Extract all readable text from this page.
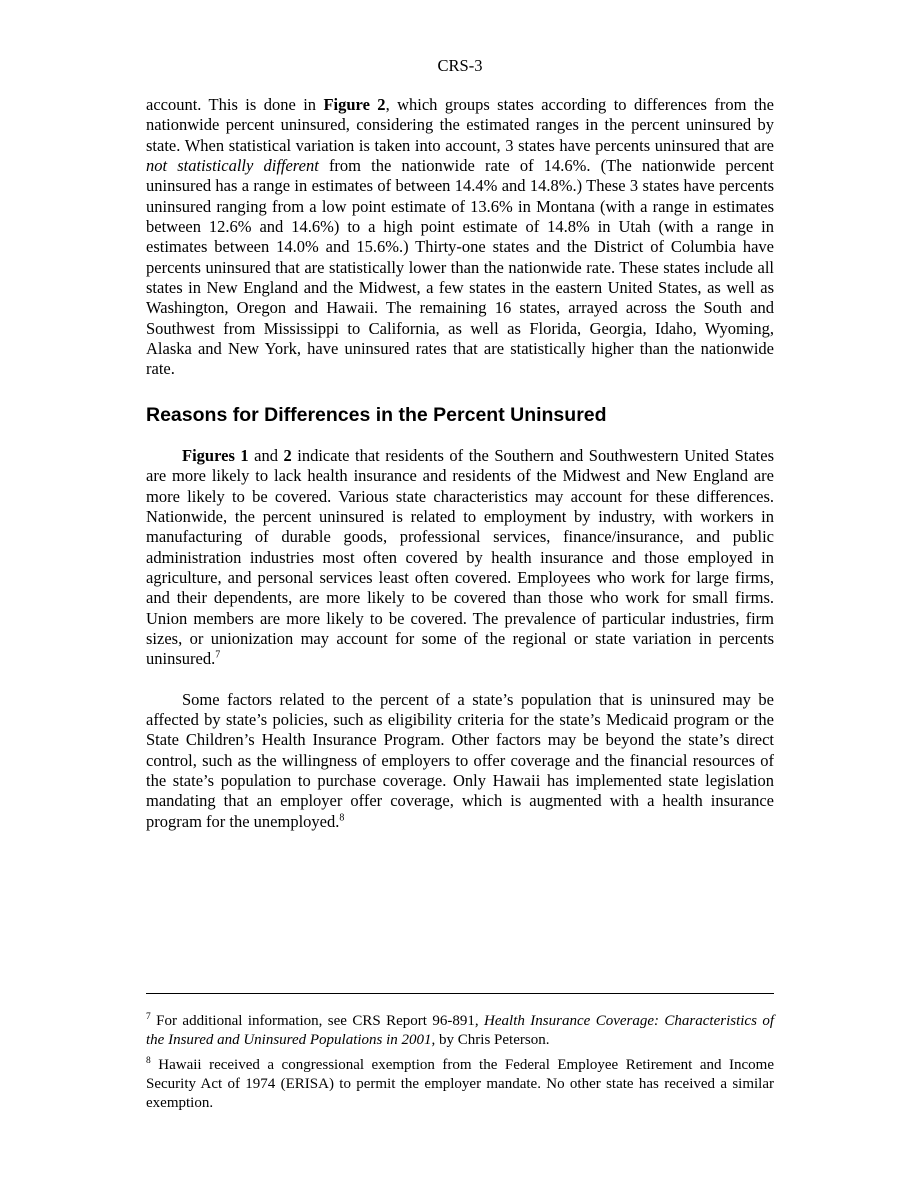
CRS-3

account. This is done in Figure 2, which groups states according to differences from the nationwide percent uninsured, considering the estimated ranges in the percent uninsured by state. When statistical variation is taken into account, 3 states have percents uninsured that are not statistically different from the nationwide rate of 14.6%. (The nationwide percent uninsured has a range in estimates of between 14.4% and 14.8%.) These 3 states have percents uninsured ranging from a low point estimate of 13.6% in Montana (with a range in estimates between 12.6% and 14.6%) to a high point estimate of 14.8% in Utah (with a range in estimates between 14.0% and 15.6%.) Thirty-one states and the District of Columbia have percents uninsured that are statistically lower than the nationwide rate. These states include all states in New England and the Midwest, a few states in the eastern United States, as well as Washington, Oregon and Hawaii. The remaining 16 states, arrayed across the South and Southwest from Mississippi to California, as well as Florida, Georgia, Idaho, Wyoming, Alaska and New York, have uninsured rates that are statistically higher than the nationwide rate.

Reasons for Differences in the Percent Uninsured

Figures 1 and 2 indicate that residents of the Southern and Southwestern United States are more likely to lack health insurance and residents of the Midwest and New England are more likely to be covered. Various state characteristics may account for these differences. Nationwide, the percent uninsured is related to employment by industry, with workers in manufacturing of durable goods, professional services, finance/insurance, and public administration industries most often covered by health insurance and those employed in agriculture, and personal services least often covered. Employees who work for large firms, and their dependents, are more likely to be covered than those who work for small firms. Union members are more likely to be covered. The prevalence of particular industries, firm sizes, or unionization may account for some of the regional or state variation in percents uninsured.$^7$

Some factors related to the percent of a state’s population that is uninsured may be affected by state’s policies, such as eligibility criteria for the state’s Medicaid program or the State Children’s Health Insurance Program. Other factors may be beyond the state’s direct control, such as the willingness of employers to offer coverage and the financial resources of the state’s population to purchase coverage. Only Hawaii has implemented state legislation mandating that an employer offer coverage, which is augmented with a health insurance program for the unemployed.$^8$

$^7$ For additional information, see CRS Report 96-891, Health Insurance Coverage: Characteristics of the Insured and Uninsured Populations in 2001, by Chris Peterson.

$^8$ Hawaii received a congressional exemption from the Federal Employee Retirement and Income Security Act of 1974 (ERISA) to permit the employer mandate. No other state has received a similar exemption.
